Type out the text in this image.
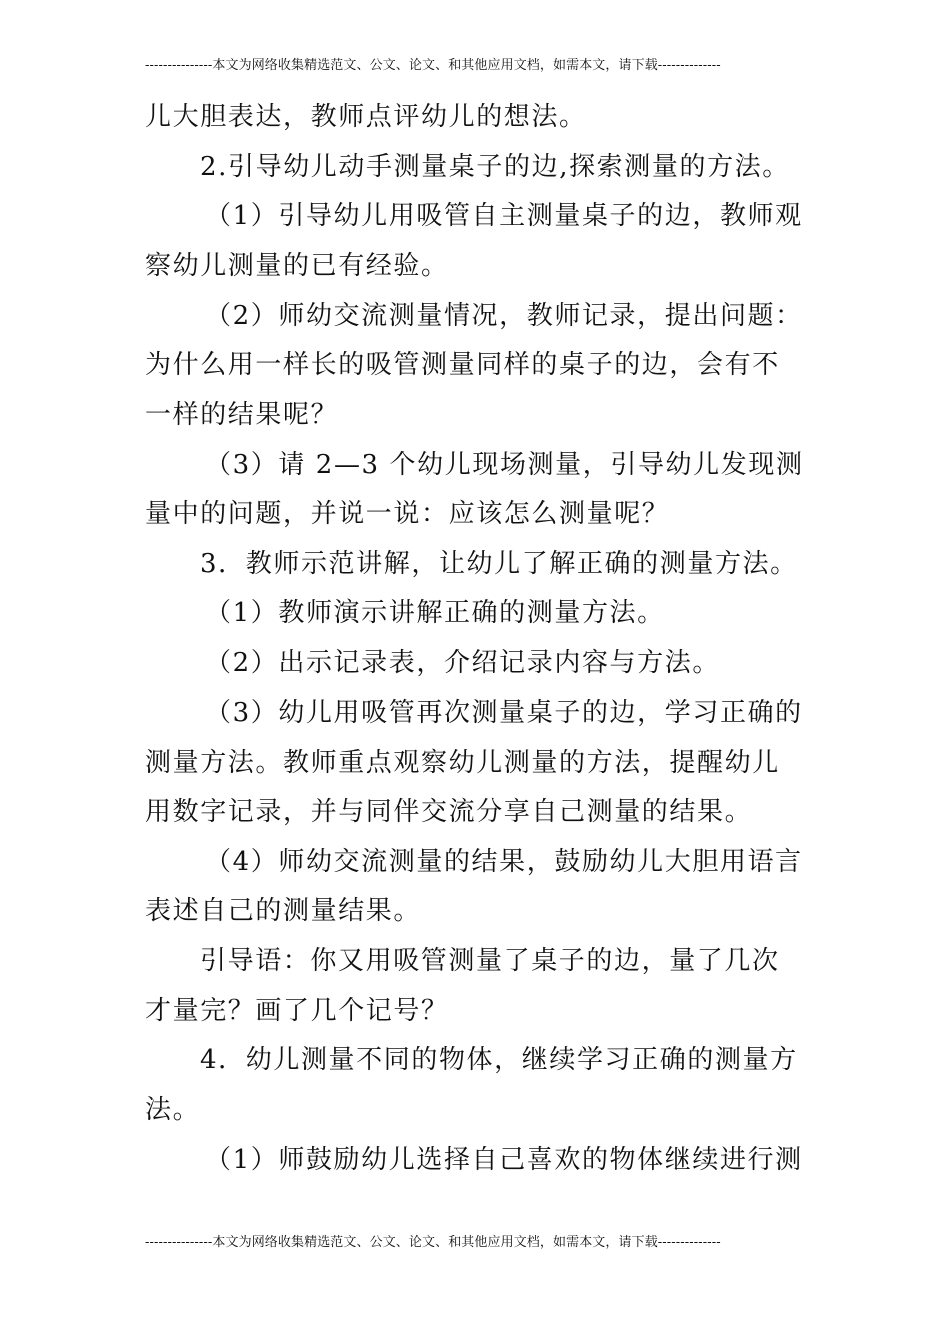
---------------本文为网络收集精选范文、公文、论文、和其他应用文档，如需本文，请下载--------------
儿大胆表达，教师点评幼儿的想法。
2.引导幼儿动手测量桌子的边,探索测量的方法。
（1）引导幼儿用吸管自主测量桌子的边，教师观
察幼儿测量的已有经验。
（2）师幼交流测量情况，教师记录，提出问题：
为什么用一样长的吸管测量同样的桌子的边，会有不
一样的结果呢？
（3）请 2—3 个幼儿现场测量，引导幼儿发现测
量中的问题，并说一说：应该怎么测量呢？
3．教师示范讲解，让幼儿了解正确的测量方法。
（1）教师演示讲解正确的测量方法。
（2）出示记录表，介绍记录内容与方法。
（3）幼儿用吸管再次测量桌子的边，学习正确的
测量方法。教师重点观察幼儿测量的方法，提醒幼儿
用数字记录，并与同伴交流分享自己测量的结果。
（4）师幼交流测量的结果，鼓励幼儿大胆用语言
表述自己的测量结果。
引导语：你又用吸管测量了桌子的边，量了几次
才量完？画了几个记号？
4．幼儿测量不同的物体，继续学习正确的测量方
法。
（1）师鼓励幼儿选择自己喜欢的物体继续进行测
---------------本文为网络收集精选范文、公文、论文、和其他应用文档，如需本文，请下载--------------
